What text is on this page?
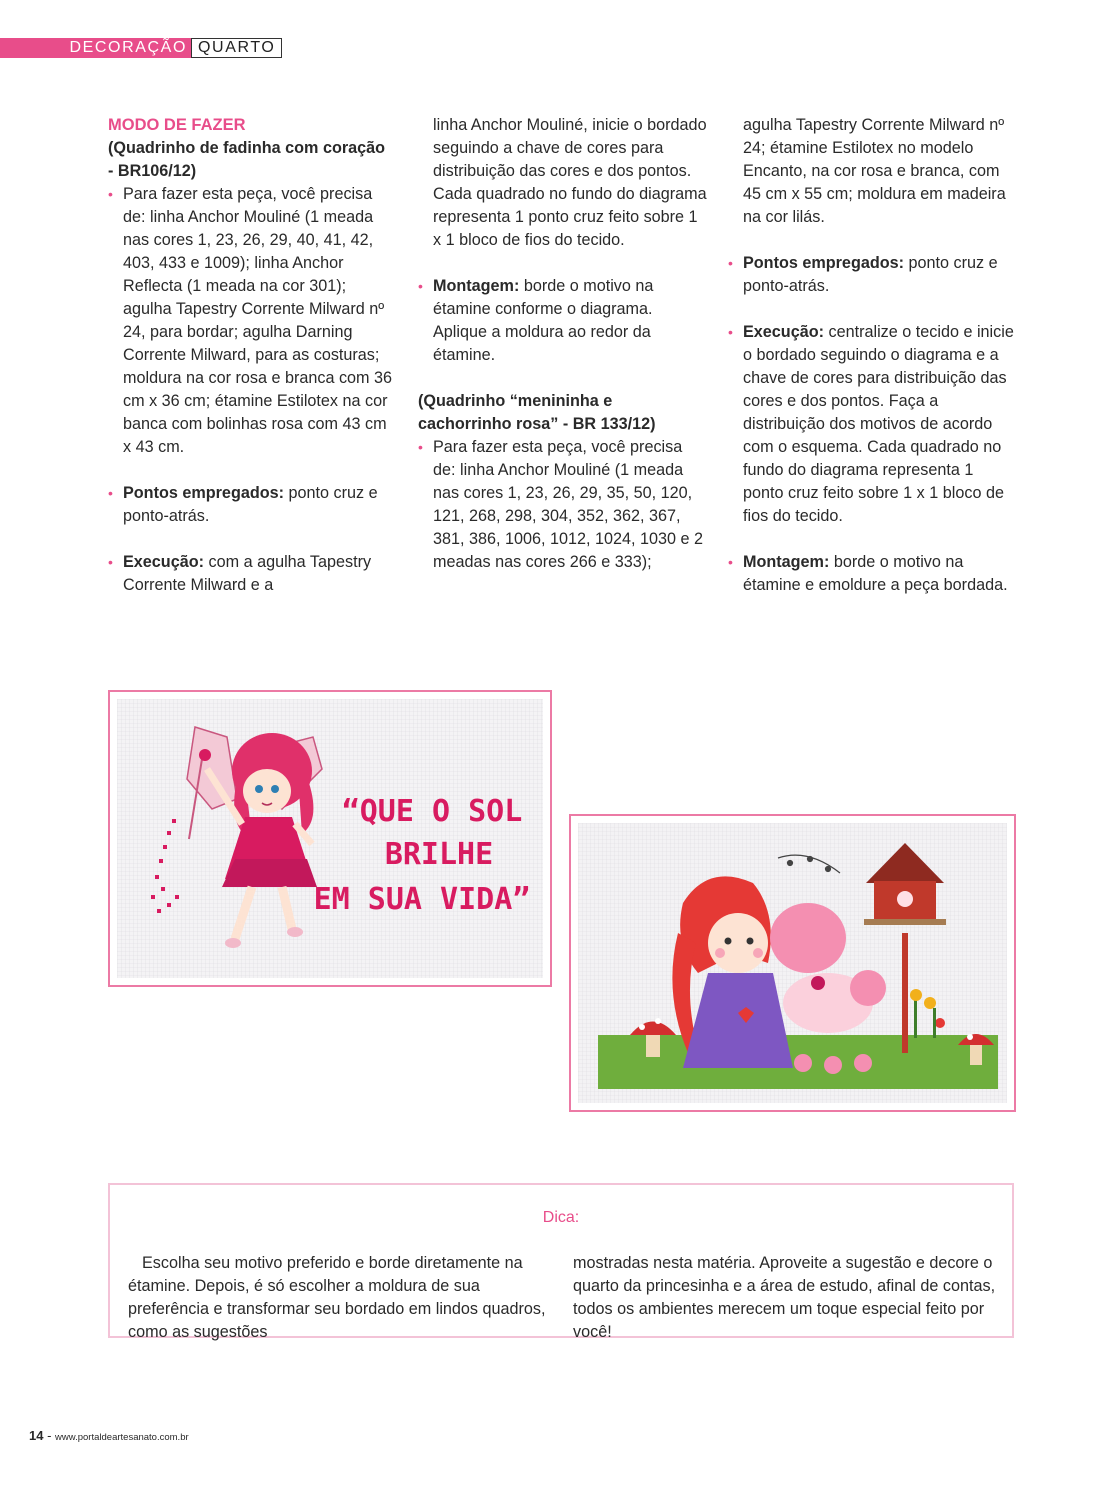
DECORAÇÃO QUARTO

MODO DE FAZER

(Quadrinho de fadinha com coração - BR106/12)

• Para fazer esta peça, você precisa de: linha Anchor Mouliné (1 meada nas cores 1, 23, 26, 29, 40, 41, 42, 403, 433 e 1009); linha Anchor Reflecta (1 meada na cor 301); agulha Tapestry Corrente Milward nº 24, para bordar; agulha Darning Corrente Milward, para as costuras; moldura na cor rosa e branca com 36 cm x 36 cm; étamine Estilotex na cor banca com bolinhas rosa com 43 cm x 43 cm.
• Pontos empregados: ponto cruz e ponto-atrás.
• Execução: com a agulha Tapestry Corrente Milward e a

linha Anchor Mouliné, inicie o bordado seguindo a chave de cores para distribuição das cores e dos pontos. Cada quadrado no fundo do diagrama representa 1 ponto cruz feito sobre 1 x 1 bloco de fios do tecido.

• Montagem: borde o motivo na étamine conforme o diagrama. Aplique a moldura ao redor da étamine.

(Quadrinho “menininha e cachorrinho rosa” - BR 133/12)

• Para fazer esta peça, você precisa de: linha Anchor Mouliné (1 meada nas cores 1, 23, 26, 29, 35, 50, 120, 121, 268, 298, 304, 352, 362, 367, 381, 386, 1006, 1012, 1024, 1030 e 2 meadas nas cores 266 e 333);

agulha Tapestry Corrente Milward nº 24; étamine Estilotex no modelo Encanto, na cor rosa e branca, com 45 cm x 55 cm; moldura em madeira na cor lilás.

• Pontos empregados: ponto cruz e ponto-atrás.
• Execução: centralize o tecido e inicie o bordado seguindo o diagrama e a chave de cores para distribuição das cores e dos pontos. Faça a distribuição dos motivos de acordo com o esquema. Cada quadrado no fundo do diagrama representa 1 ponto cruz feito sobre 1 x 1 bloco de fios do tecido.
• Montagem: borde o motivo na étamine e emoldure a peça bordada.
“QUE O SOL
BRILHE
EM SUA VIDA”
Dica:
Escolha seu motivo preferido e borde diretamente na étamine. Depois, é só escolher a moldura de sua preferência e transformar seu bordado em lindos quadros, como as sugestões
mostradas nesta matéria. Aproveite a sugestão e decore o quarto da princesinha e a área de estudo, afinal de contas, todos os ambientes merecem um toque especial feito por você!
14 - www.portaldeartesanato.com.br
